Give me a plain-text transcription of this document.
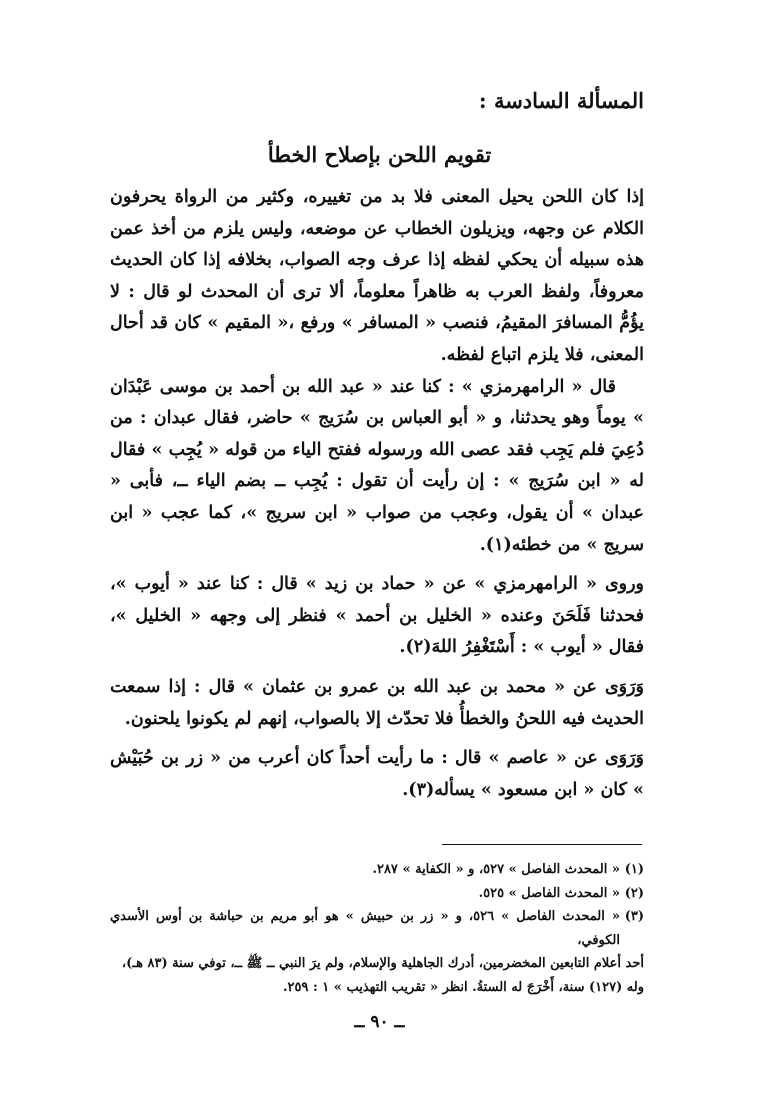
المسألة السادسة :
تقويم اللحن بإصلاح الخطأ

إذا كان اللحن يحيل المعنى فلا بد من تغييره، وكثير من الرواة يحرفون الكلام عن وجهه، ويزيلون الخطاب عن موضعه، وليس يلزم من أخذ عمن هذه سبيله أن يحكي لفظه إذا عرف وجه الصواب، بخلافه إذا كان الحديث معروفاً، ولفظ العرب به ظاهراً معلوماً، ألا ترى أن المحدث لو قال : لا يؤُمُّ المسافرَ المقيمُ، فنصب « المسافر » ورفع ،« المقيم » كان قد أحال المعنى، فلا يلزم اتباع لفظه.

قال « الرامهرمزي » : كنا عند « عبد الله بن أحمد بن موسى عَبْدَان » يوماً وهو يحدثنا، و « أبو العباس بن سُرَيج » حاضر، فقال عبدان : من دُعِيَ فلم يَجِب فقد عصى الله ورسوله ففتح الياء من قوله « يُجِب » فقال له « ابن سُرَيج » : إن رأيت أن تقول : يُجِب ــ بضم الياء ــ، فأبى « عبدان » أن يقول، وعجب من صواب « ابن سريج »، كما عجب « ابن سريج » من خطئه(١).

وروى « الرامهرمزي » عن « حماد بن زيد » قال : كنا عند « أيوب »، فحدثنا فَلَحَنَ وعنده « الخليل بن أحمد » فنظر إلى وجهه « الخليل »، فقال « أيوب » : أَسْتَغْفِرُ اللهَ(٢).

وَرَوَى عن « محمد بن عبد الله بن عمرو بن عثمان » قال : إذا سمعت الحديث فيه اللحنُ والخطأُ فلا تحدّث إلا بالصواب، إنهم لم يكونوا يلحنون.

وَرَوَى عن « عاصم » قال : ما رأيت أحداً كان أعرب من « زر بن حُبَيْش » كان « ابن مسعود » يسأله(٣).

(١)
« المحدث الفاصل » ٥٢٧، و « الكفاية » ٢٨٧.
(٢)
« المحدث الفاصل » ٥٢٥.
(٣)
« المحدث الفاصل » ٥٢٦، و « زر بن حبيش » هو أبو مريم بن حباشة بن أوس الأسدي الكوفي،
أحد أعلام التابعين المخضرمين، أدرك الجاهلية والإسلام، ولم يرَ النبي ــ ﷺ ــ، توفي سنة (٨٣ هـ)، وله (١٢٧) سنة، أَخْرَجَ له الستةُ. انظر « تقريب التهذيب » ١ : ٢٥٩.
ــ ٩٠ ــ
